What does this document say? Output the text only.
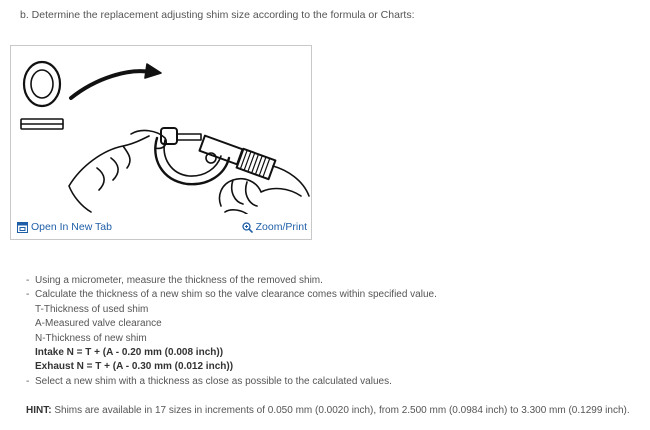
b. Determine the replacement adjusting shim size according to the formula or Charts:
Open In New Tab	Zoom/Print
- Using a micrometer, measure the thickness of the removed shim.
- Calculate the thickness of a new shim so the valve clearance comes within specified value.
T-Thickness of used shim
A-Measured valve clearance
N-Thickness of new shim
Intake N = T + (A - 0.20 mm (0.008 inch))
Exhaust N = T + (A - 0.30 mm (0.012 inch))
- Select a new shim with a thickness as close as possible to the calculated values.
HINT: Shims are available in 17 sizes in increments of 0.050 mm (0.0020 inch), from 2.500 mm (0.0984 inch) to 3.300 mm (0.1299 inch).
